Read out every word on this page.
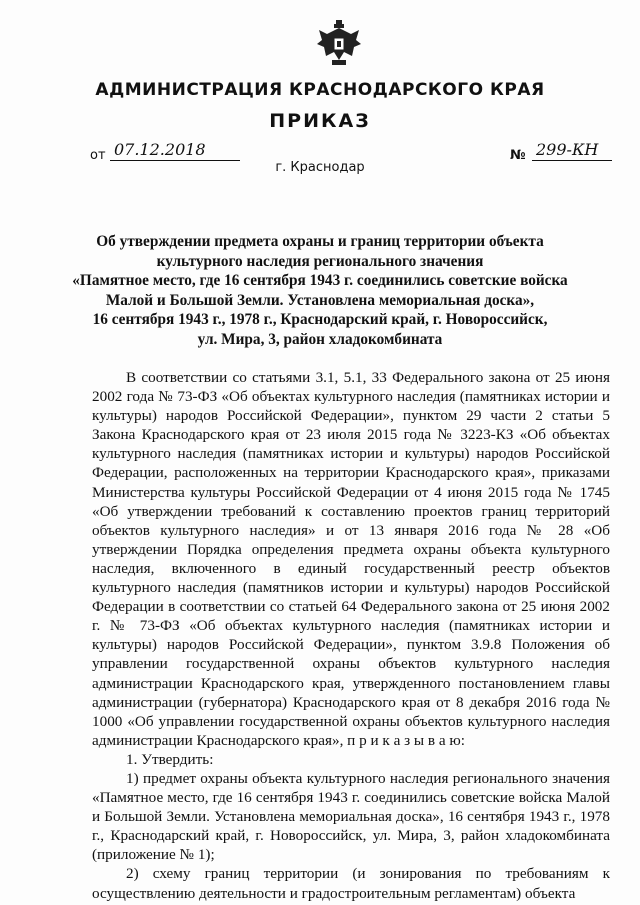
АДМИНИСТРАЦИЯ КРАСНОДАРСКОГО КРАЯ
ПРИКАЗ
от 07.12.2018	№ 299-КН
г. Краснодар
Об утверждении предмета охраны и границ территории объекта
культурного наследия регионального значения
«Памятное место, где 16 сентября 1943 г. соединились советские войска
Малой и Большой Земли. Установлена мемориальная доска»,
16 сентября 1943 г., 1978 г., Краснодарский край, г. Новороссийск,
ул. Мира, 3, район хладокомбината

В соответствии со статьями 3.1, 5.1, 33 Федерального закона от 25 июня 2002 года № 73-ФЗ «Об объектах культурного наследия (памятниках истории и культуры) народов Российской Федерации», пунктом 29 части 2 статьи 5 Закона Краснодарского края от 23 июля 2015 года № 3223-КЗ «Об объектах культурного наследия (памятниках истории и культуры) народов Российской Федерации, расположенных на территории Краснодарского края», приказами Министерства культуры Российской Федерации от 4 июня 2015 года № 1745 «Об утверждении требований к составлению проектов границ территорий объектов культурного наследия» и от 13 января 2016 года № 28 «Об утверждении Порядка определения предмета охраны объекта культурного наследия, включенного в единый государственный реестр объектов культурного наследия (памятников истории и культуры) народов Российской Федерации в соответствии со статьей 64 Федерального закона от 25 июня 2002 г. № 73-ФЗ «Об объектах культурного наследия (памятниках истории и культуры) народов Российской Федерации», пунктом 3.9.8 Положения об управлении государственной охраны объектов культурного наследия администрации Краснодарского края, утвержденного постановлением главы администрации (губернатора) Краснодарского края от 8 декабря 2016 года № 1000 «Об управлении государственной охраны объектов культурного наследия администрации Краснодарского края», п р и к а з ы в а ю:

1. Утвердить:

1) предмет охраны объекта культурного наследия регионального значения «Памятное место, где 16 сентября 1943 г. соединились советские войска Малой и Большой Земли. Установлена мемориальная доска», 16 сентября 1943 г., 1978 г., Краснодарский край, г. Новороссийск, ул. Мира, 3, район хладокомбината (приложение № 1);

2) схему границ территории (и зонирования по требованиям к осуществлению деятельности и градостроительным регламентам) объекта
